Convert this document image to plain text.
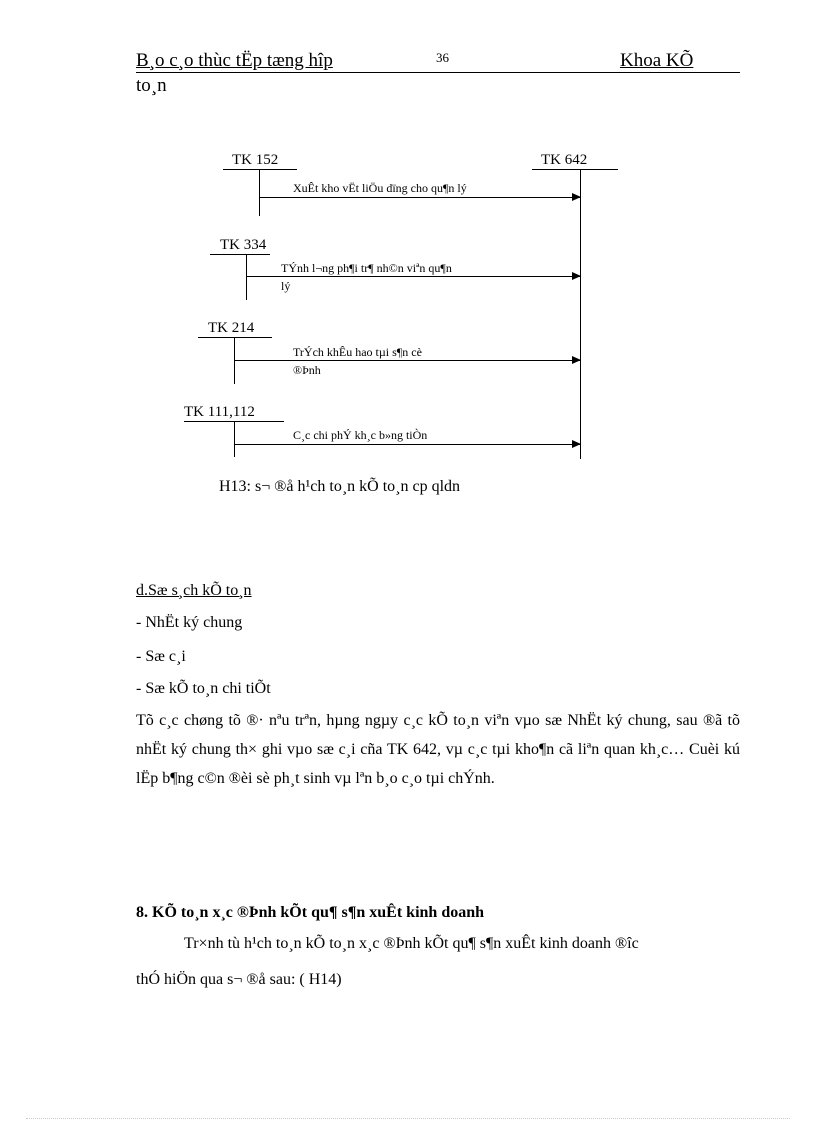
B¸o c¸o thùc tËp tæng hîp	36	Khoa KÕ
to¸n
TK 642
TK 152
XuÊt kho vËt liÖu dïng cho qu¶n lý
TK 334
TÝnh l¬ng ph¶i tr¶ nh©n viªn qu¶n
lý
TK 214
TrÝch khÊu hao tµi s¶n cè
®Þnh
TK 111,112
C¸c chi phÝ kh¸c b»ng tiÒn
H13: s¬ ®å h¹ch to¸n kÕ to¸n cp qldn
d.Sæ s¸ch kÕ to¸n
- NhËt ký chung
- Sæ c¸i
- Sæ kÕ to¸n chi tiÕt
Tõ c¸c chøng tõ ®· nªu trªn, hµng ngµy c¸c kÕ to¸n viªn vµo sæ NhËt ký chung, sau ®ã tõ nhËt ký chung th× ghi vµo sæ c¸i cña TK 642, vµ c¸c tµi kho¶n cã liªn quan kh¸c… Cuèi kú lËp b¶ng c©n ®èi sè ph¸t sinh vµ lªn b¸o c¸o tµi chÝnh.
8. KÕ to¸n x¸c ®Þnh kÕt qu¶ s¶n xuÊt kinh doanh
Tr×nh tù h¹ch to¸n kÕ to¸n x¸c ®Þnh kÕt qu¶ s¶n xuÊt kinh doanh ®îc
thÓ hiÖn qua s¬ ®å sau: ( H14)
